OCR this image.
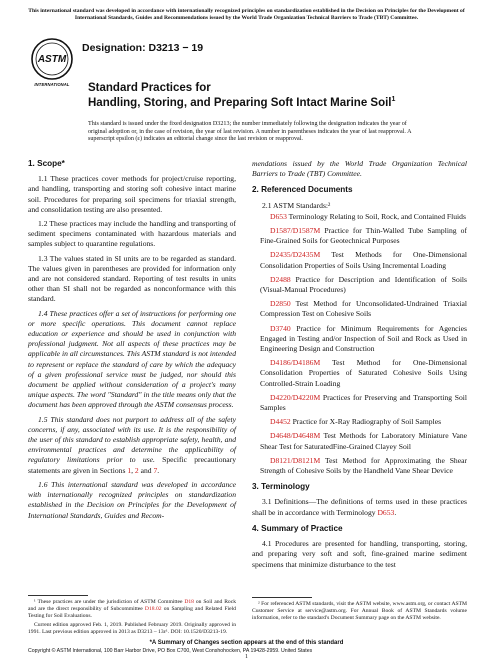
This international standard was developed in accordance with internationally recognized principles on standardization established in the Decision on Principles for the Development of International Standards, Guides and Recommendations issued by the World Trade Organization Technical Barriers to Trade (TBT) Committee.
ASTM
INTERNATIONAL
Designation: D3213 − 19
Standard Practices for
Handling, Storing, and Preparing Soft Intact Marine Soil$^1$
This standard is issued under the fixed designation D3213; the number immediately following the designation indicates the year of original adoption or, in the case of revision, the year of last revision. A number in parentheses indicates the year of last reapproval. A superscript epsilon (ε) indicates an editorial change since the last revision or reapproval.
1. Scope*

1.1 These practices cover methods for project/cruise reporting, and handling, transporting and storing soft cohesive intact marine soil. Procedures for preparing soil specimens for triaxial strength, and consolidation testing are also presented.

1.2 These practices may include the handling and transporting of sediment specimens contaminated with hazardous materials and samples subject to quarantine regulations.

1.3 The values stated in SI units are to be regarded as standard. The values given in parentheses are provided for information only and are not considered standard. Reporting of test results in units other than SI shall not be regarded as nonconformance with this standard.

1.4 These practices offer a set of instructions for performing one or more specific operations. This document cannot replace education or experience and should be used in conjunction with professional judgment. Not all aspects of these practices may be applicable in all circumstances. This ASTM standard is not intended to represent or replace the standard of care by which the adequacy of a given professional service must be judged, nor should this document be applied without consideration of a project's many unique aspects. The word "Standard" in the title means only that the document has been approved through the ASTM consensus process.

1.5 This standard does not purport to address all of the safety concerns, if any, associated with its use. It is the responsibility of the user of this standard to establish appropriate safety, health, and environmental practices and determine the applicability of regulatory limitations prior to use. Specific precautionary statements are given in Sections 1, 2 and 7.

1.6 This international standard was developed in accordance with internationally recognized principles on standardization established in the Decision on Principles for the Development of International Standards, Guides and Recom-

¹ These practices are under the jurisdiction of ASTM Committee D18 on Soil and Rock and are the direct responsibility of Subcommittee D18.02 on Sampling and Related Field Testing for Soil Evaluations.

Current edition approved Feb. 1, 2019. Published February 2019. Originally approved in 1991. Last previous edition approved in 2013 as D3213 – 13ε¹. DOI: 10.1520/D3213-19.

mendations issued by the World Trade Organization Technical Barriers to Trade (TBT) Committee.

2. Referenced Documents

2.1 ASTM Standards:²

D653 Terminology Relating to Soil, Rock, and Contained Fluids

D1587/D1587M Practice for Thin-Walled Tube Sampling of Fine-Grained Soils for Geotechnical Purposes

D2435/D2435M Test Methods for One-Dimensional Consolidation Properties of Soils Using Incremental Loading

D2488 Practice for Description and Identification of Soils (Visual-Manual Procedures)

D2850 Test Method for Unconsolidated-Undrained Triaxial Compression Test on Cohesive Soils

D3740 Practice for Minimum Requirements for Agencies Engaged in Testing and/or Inspection of Soil and Rock as Used in Engineering Design and Construction

D4186/D4186M Test Method for One-Dimensional Consolidation Properties of Saturated Cohesive Soils Using Controlled-Strain Loading

D4220/D4220M Practices for Preserving and Transporting Soil Samples

D4452 Practice for X-Ray Radiography of Soil Samples

D4648/D4648M Test Methods for Laboratory Miniature Vane Shear Test for SaturatedFine-Grained Clayey Soil

D8121/D8121M Test Method for Approximating the Shear Strength of Cohesive Soils by the Handheld Vane Shear Device

3. Terminology

3.1 Definitions—The definitions of terms used in these practices shall be in accordance with Terminology D653.

4. Summary of Practice

4.1 Procedures are presented for handling, transporting, storing, and preparing very soft and soft, fine-grained marine sediment specimens that minimize disturbance to the test

² For referenced ASTM standards, visit the ASTM website, www.astm.org, or contact ASTM Customer Service at service@astm.org. For Annual Book of ASTM Standards volume information, refer to the standard's Document Summary page on the ASTM website.

*A Summary of Changes section appears at the end of this standard
Copyright © ASTM International, 100 Barr Harbor Drive, PO Box C700, West Conshohocken, PA 19428-2959. United States
1
